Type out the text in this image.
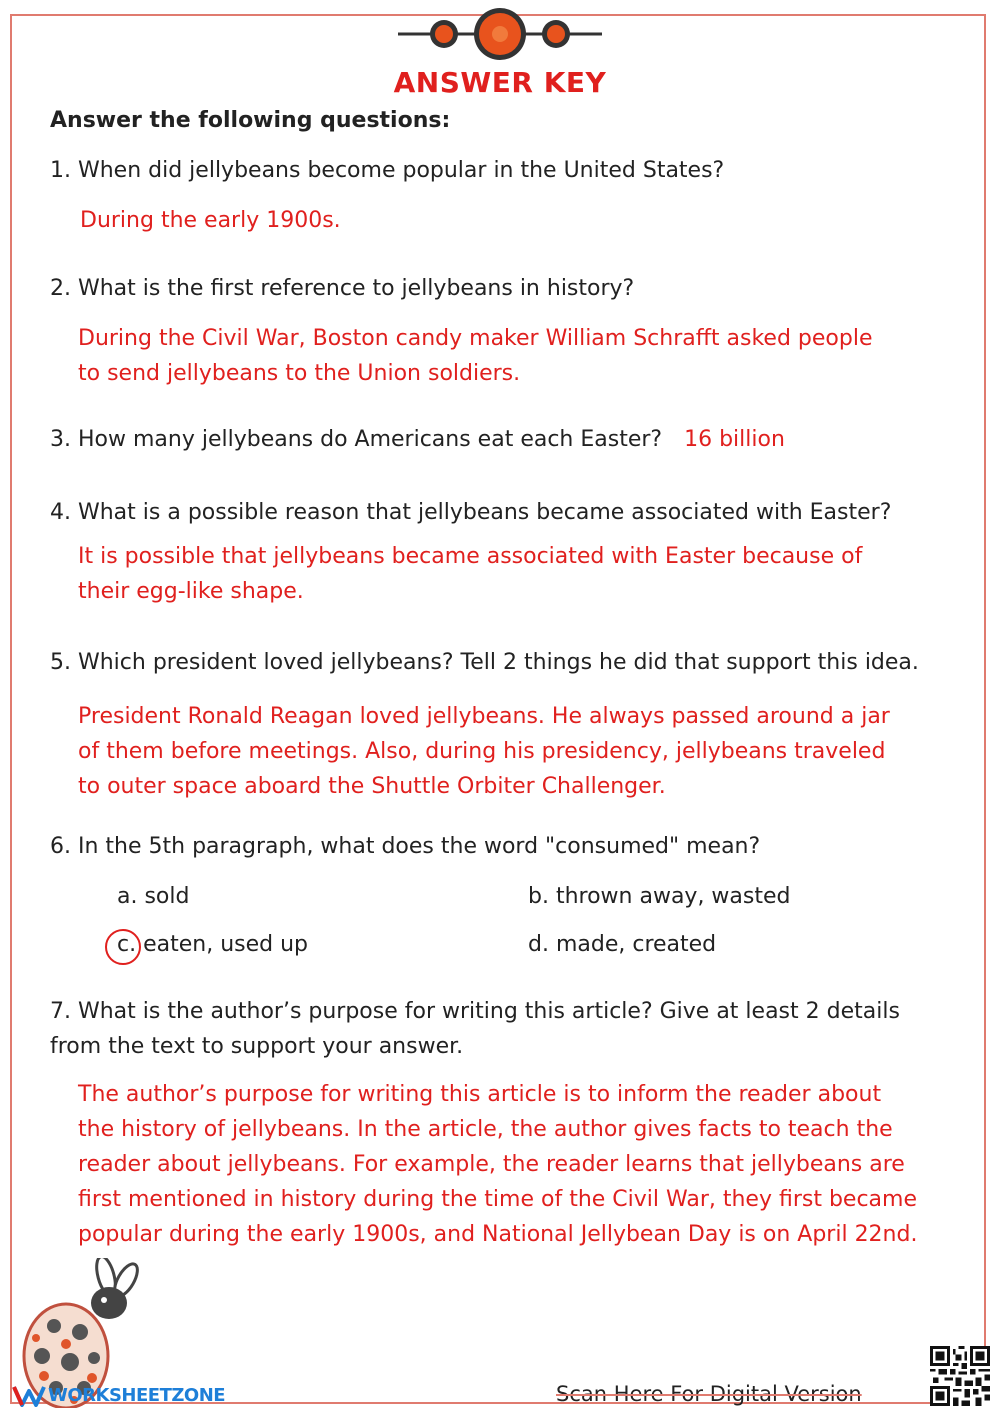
ANSWER KEY
Answer the following questions:
1. When did jellybeans become popular in the United States?
During the early 1900s.
2. What is the first reference to jellybeans in history?
During the Civil War, Boston candy maker William Schrafft asked people
to send jellybeans to the Union soldiers.
3. How many jellybeans do Americans eat each Easter? 16 billion
4. What is a possible reason that jellybeans became associated with Easter?
It is possible that jellybeans became associated with Easter because of
their egg-like shape.
5. Which president loved jellybeans? Tell 2 things he did that support this idea.
President Ronald Reagan loved jellybeans. He always passed around a jar
of them before meetings. Also, during his presidency, jellybeans traveled
to outer space aboard the Shuttle Orbiter Challenger.
6. In the 5th paragraph, what does the word "consumed" mean?
a. sold	b. thrown away, wasted
c. eaten, used up	d. made, created
7. What is the author’s purpose for writing this article? Give at least 2 details
from the text to support your answer.
The author’s purpose for writing this article is to inform the reader about
the history of jellybeans. In the article, the author gives facts to teach the
reader about jellybeans. For example, the reader learns that jellybeans are
first mentioned in history during the time of the Civil War, they first became
popular during the early 1900s, and National Jellybean Day is on April 22nd.
WORKSHEET ZONE	Scan Here For Digital Version
